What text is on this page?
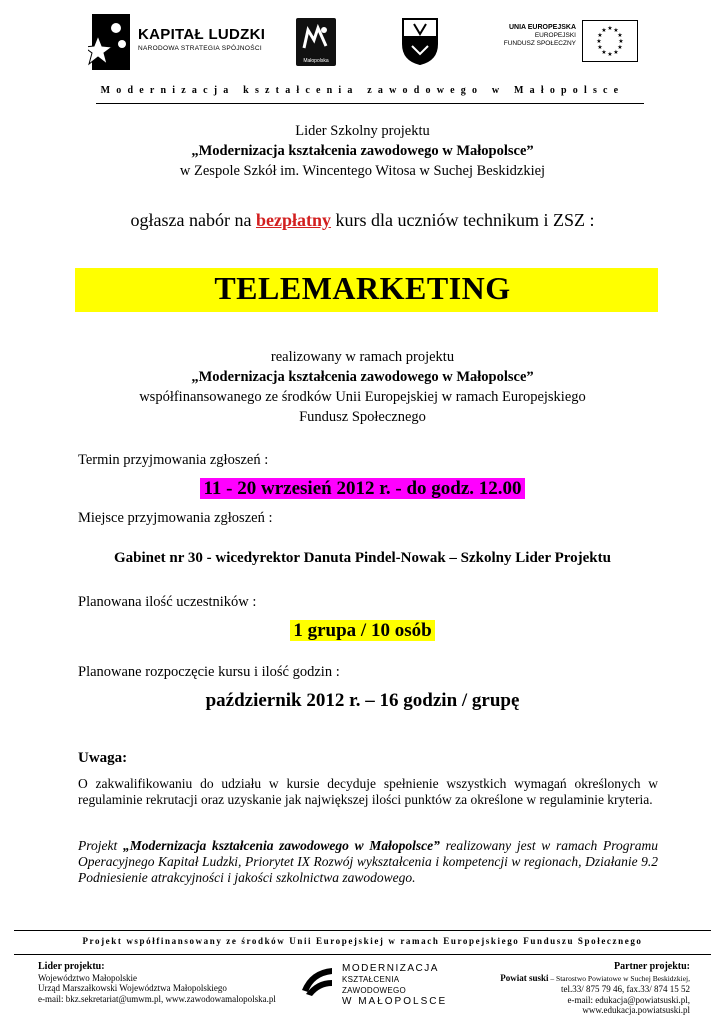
KAPITAŁ LUDZKI
NARODOWA STRATEGIA SPÓJNOŚCI
Małopolska
UNIA EUROPEJSKA
EUROPEJSKI
FUNDUSZ SPOŁECZNY
★ ★
★
★
★
★
★
★
★
★
★
★
Modernizacja kształcenia zawodowego w Małopolsce
Lider Szkolny projektu
„Modernizacja kształcenia zawodowego w Małopolsce”
w Zespole Szkół im. Wincentego Witosa w Suchej Beskidzkiej
ogłasza nabór na bezpłatny kurs dla uczniów technikum i ZSZ :
TELEMARKETING
realizowany w ramach projektu
„Modernizacja kształcenia zawodowego w Małopolsce”
współfinansowanego ze środków Unii Europejskiej w ramach Europejskiego
Fundusz Społecznego
Termin przyjmowania zgłoszeń :
11 - 20 wrzesień 2012 r. - do godz. 12.00
Miejsce przyjmowania zgłoszeń :
Gabinet nr 30 - wicedyrektor Danuta Pindel-Nowak – Szkolny Lider Projektu
Planowana ilość uczestników :
1 grupa / 10 osób
Planowane rozpoczęcie kursu i ilość godzin :
październik 2012 r. – 16 godzin / grupę
Uwaga:
O zakwalifikowaniu do udziału w kursie decyduje spełnienie wszystkich wymagań określonych w regulaminie rekrutacji oraz uzyskanie jak największej ilości punktów za określone w regulaminie kryteria.
Projekt „Modernizacja kształcenia zawodowego w Małopolsce” realizowany jest w ramach Programu Operacyjnego Kapitał Ludzki, Priorytet IX Rozwój wykształcenia i kompetencji w regionach, Działanie 9.2 Podniesienie atrakcyjności i jakości szkolnictwa zawodowego.
Projekt współfinansowany ze środków Unii Europejskiej w ramach Europejskiego Funduszu Społecznego
Lider projektu:
Województwo Małopolskie
Urząd Marszałkowski Województwa Małopolskiego
e-mail: bkz.sekretariat@umwm.pl, www.zawodowamalopolska.pl
MODERNIZACJA
KSZTAŁCENIA ZAWODOWEGO
W MAŁOPOLSCE
Partner projektu:
Powiat suski – Starostwo Powiatowe w Suchej Beskidzkiej,
tel.33/ 875 79 46, fax.33/ 874 15 52
e-mail: edukacja@powiatsuski.pl, www.edukacja.powiatsuski.pl
